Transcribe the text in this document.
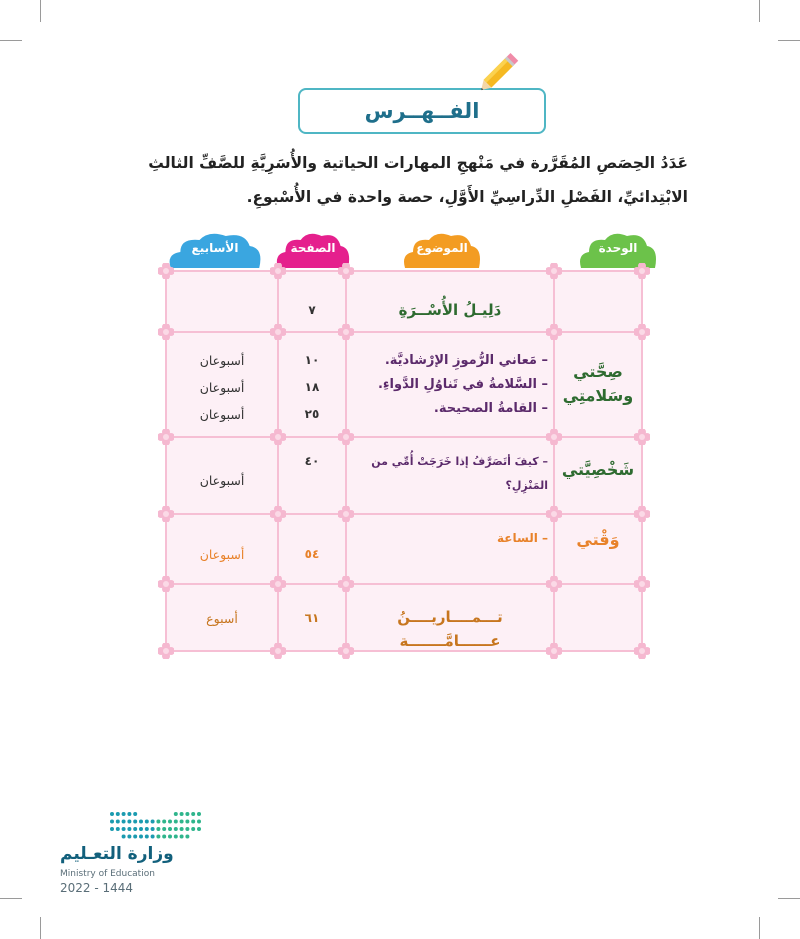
الفــهــرس
عَدَدُ الحِصَصِ المُقَرَّرة في مَنْهجِ المهارات الحياتية والأُسَرِيَّةِ للصَّفِّ الثالثِ الابْتِدائيِّ، الفَصْلِ الدِّراسِيِّ الأَوَّلِ، حصة واحدة في الأُسْبوعِ.
الوحدة
الموضوع
الصفحة
الأسابيع
دَلِيـلُ الأُسْــرَةِ
٧
صِحَّتي وسَلامتِي
– مَعاني الرُّموزِ الإرْشاديَّة.
– السَّلامةُ في تَناوُلِ الدَّواءِ.
– القامةُ الصحيحة.
١٠
١٨
٢٥
أسبوعان
أسبوعان
أسبوعان
شَخْصِيَّتي
– كيفَ أتَصَرَّفُ إذا خَرَجَتْ أُمِّي من المَنْزِلِ؟
٤٠
أسبوعان
وَقْتي
– الساعة
٥٤
أسبوعان
تـــمــــاريــــنُ عــــــامَّـــــــة
٦١
أسبوع
وزارة التعـليم
Ministry of Education
2022 - 1444
